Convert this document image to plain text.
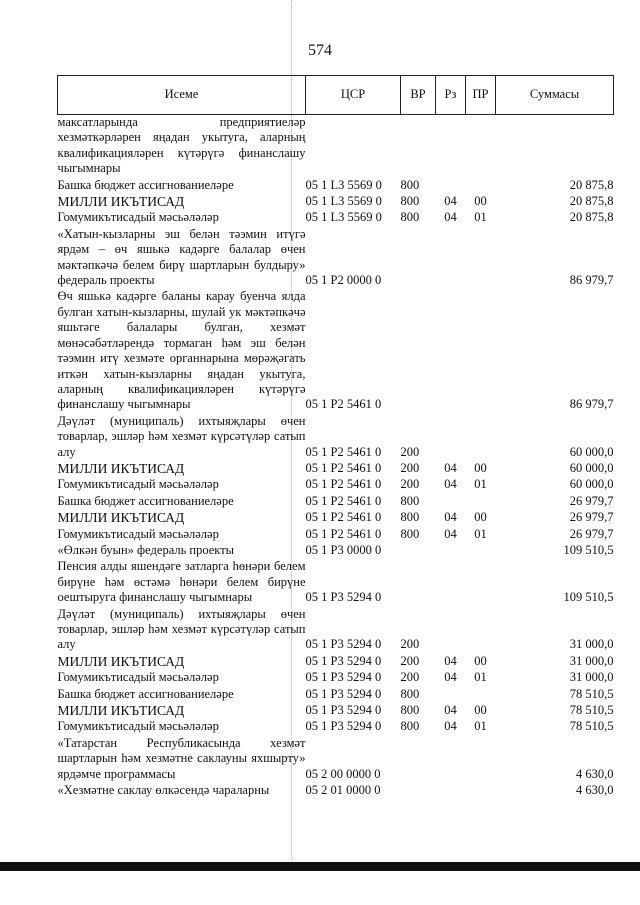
574
Исеме	ЦСР	ВР	Рз	ПР	Суммасы
максатларында предприятиеләр хезмәткәрләрен яңадан укытуга, аларның квалификацияләрен күтәрүгә финанслашу чыгымнары					
Башка бюджет ассигнованиеләре	05 1 L3 5569 0	800			20 875,8
МИЛЛИ ИКЪТИСАД	05 1 L3 5569 0	800	04	00	20 875,8
Гомумикътисадый мәсьәләләр	05 1 L3 5569 0	800	04	01	20 875,8
«Хатын-кызларны эш белән тәэмин итүгә ярдәм – өч яшькә кадәрге балалар өчен мәктәпкәчә белем бирү шартларын булдыру» федераль проекты	05 1 P2 0000 0				86 979,7
Өч яшькә кадәрге баланы карау буенча ялда булган хатын-кызларны, шулай ук мәктәпкәчә яшьтәге балалары булган, хезмәт мөнәсәбәтләрендә тормаган һәм эш белән тәэмин итү хезмәте органнарына мөрәҗәгать иткән хатын-кызларны яңадан укытуга, аларның квалификацияләрен күтәрүгә финанслашу чыгымнары	05 1 P2 5461 0				86 979,7
Дәүләт (муниципаль) ихтыяҗлары өчен товарлар, эшләр һәм хезмәт күрсәтүләр сатып алу	05 1 P2 5461 0	200			60 000,0
МИЛЛИ ИКЪТИСАД	05 1 P2 5461 0	200	04	00	60 000,0
Гомумикътисадый мәсьәләләр	05 1 P2 5461 0	200	04	01	60 000,0
Башка бюджет ассигнованиеләре	05 1 P2 5461 0	800			26 979,7
МИЛЛИ ИКЪТИСАД	05 1 P2 5461 0	800	04	00	26 979,7
Гомумикътисадый мәсьәләләр	05 1 P2 5461 0	800	04	01	26 979,7
«Өлкән буын» федераль проекты	05 1 P3 0000 0				109 510,5
Пенсия алды яшендәге затларга һөнәри белем бирүне һәм өстәмә һөнәри белем бирүне оештыруга финанслашу чыгымнары	05 1 P3 5294 0				109 510,5
Дәүләт (муниципаль) ихтыяҗлары өчен товарлар, эшләр һәм хезмәт күрсәтүләр сатып алу	05 1 P3 5294 0	200			31 000,0
МИЛЛИ ИКЪТИСАД	05 1 P3 5294 0	200	04	00	31 000,0
Гомумикътисадый мәсьәләләр	05 1 P3 5294 0	200	04	01	31 000,0
Башка бюджет ассигнованиеләре	05 1 P3 5294 0	800			78 510,5
МИЛЛИ ИКЪТИСАД	05 1 P3 5294 0	800	04	00	78 510,5
Гомумикътисадый мәсьәләләр	05 1 P3 5294 0	800	04	01	78 510,5
«Татарстан Республикасында хезмәт шартларын һәм хезмәтне саклауны яхшырту» ярдәмче программасы	05 2 00 0000 0				4 630,0
«Хезмәтне саклау өлкәсендә чараларны	05 2 01 0000 0				4 630,0
